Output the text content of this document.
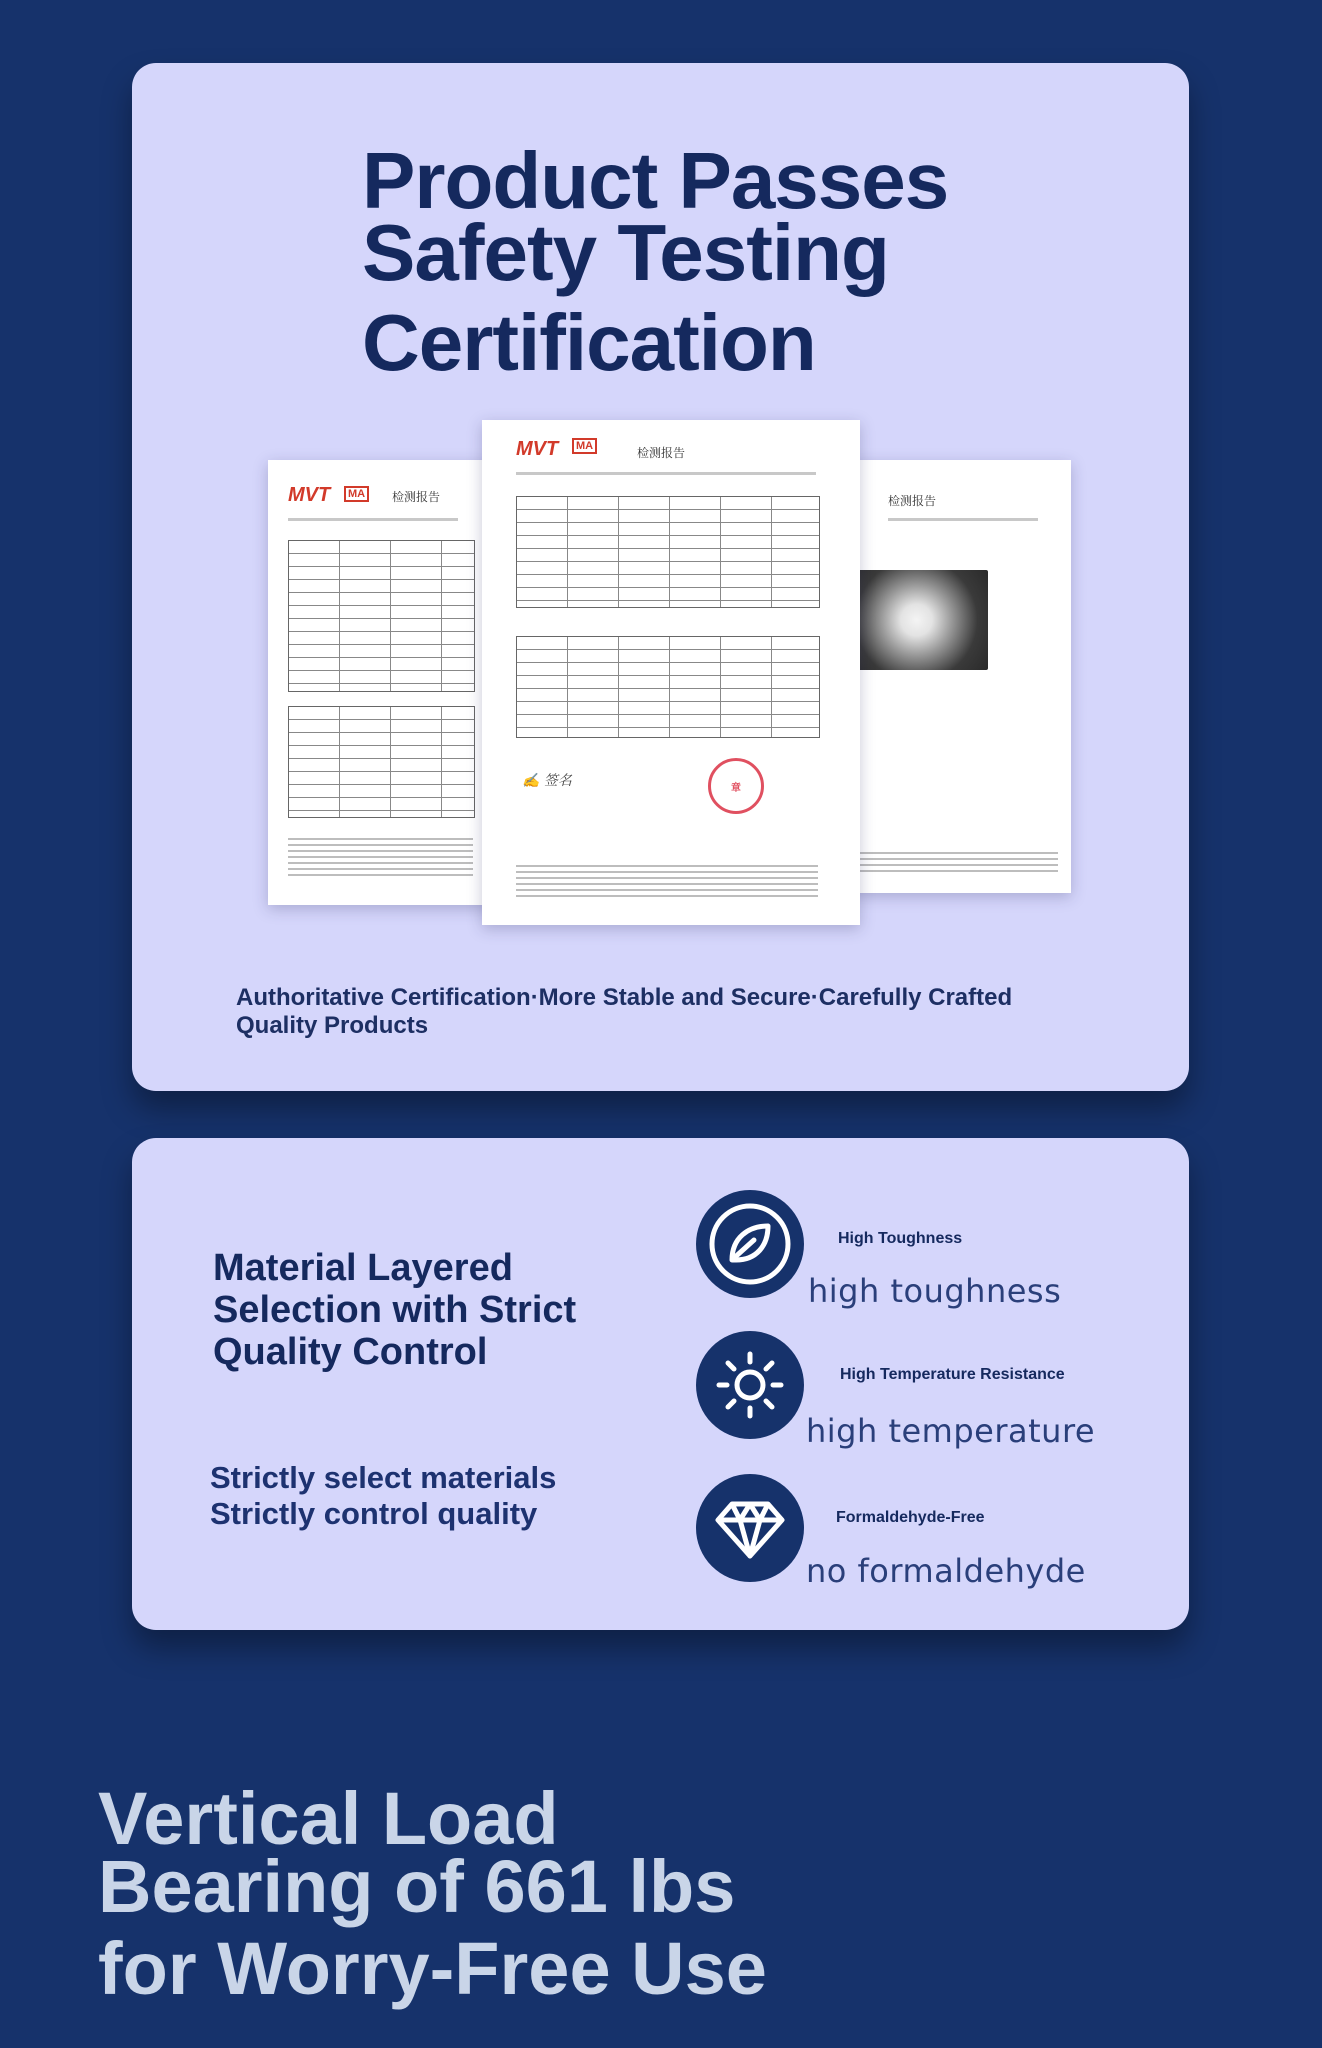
Product Passes
Safety Testing
Certification
MVT	MA	检测报告	检测报告
MVT	MA	检测报告
✍ 签名	章
Authoritative Certification·More Stable and Secure·Carefully Crafted Quality Products
Material Layered Selection with Strict Quality Control
Strictly select materials
Strictly control quality
High Toughness
high toughness
High Temperature Resistance
high temperature
Formaldehyde-Free
no formaldehyde
Vertical Load
Bearing of 661 lbs
for Worry-Free Use
